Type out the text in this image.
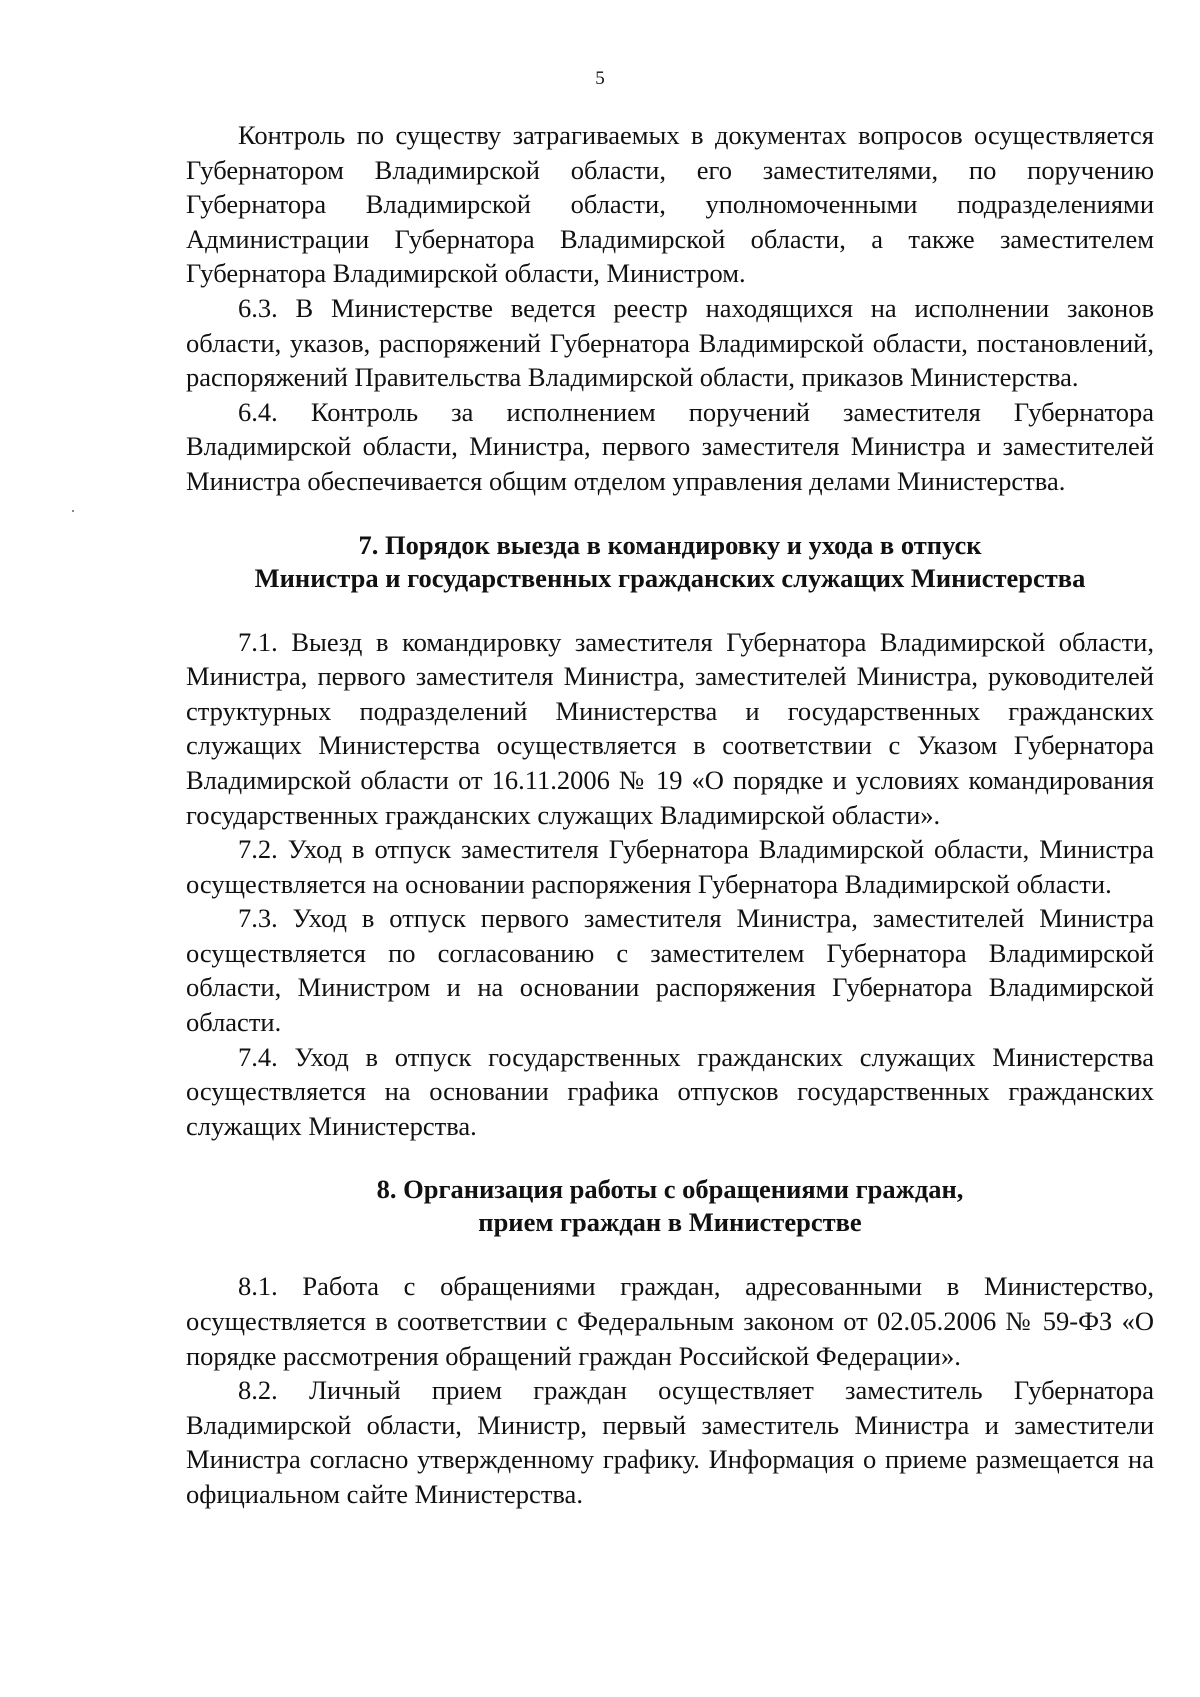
5

Контроль по существу затрагиваемых в документах вопросов осуществляется Губернатором Владимирской области, его заместителями, по поручению Губернатора Владимирской области, уполномоченными подразделениями Администрации Губернатора Владимирской области, а также заместителем Губернатора Владимирской области, Министром.

6.3. В Министерстве ведется реестр находящихся на исполнении законов области, указов, распоряжений Губернатора Владимирской области, постановлений, распоряжений Правительства Владимирской области, приказов Министерства.

6.4. Контроль за исполнением поручений заместителя Губернатора Владимирской области, Министра, первого заместителя Министра и заместителей Министра обеспечивается общим отделом управления делами Министерства.

7. Порядок выезда в командировку и ухода в отпуск

Министра и государственных гражданских служащих Министерства

7.1. Выезд в командировку заместителя Губернатора Владимирской области, Министра, первого заместителя Министра, заместителей Министра, руководителей структурных подразделений Министерства и государственных гражданских служащих Министерства осуществляется в соответствии с Указом Губернатора Владимирской области от 16.11.2006 № 19 «О порядке и условиях командирования государственных гражданских служащих Владимирской области».

7.2. Уход в отпуск заместителя Губернатора Владимирской области, Министра осуществляется на основании распоряжения Губернатора Владимирской области.

7.3. Уход в отпуск первого заместителя Министра, заместителей Министра осуществляется по согласованию с заместителем Губернатора Владимирской области, Министром и на основании распоряжения Губернатора Владимирской области.

7.4. Уход в отпуск государственных гражданских служащих Министерства осуществляется на основании графика отпусков государственных гражданских служащих Министерства.

8. Организация работы с обращениями граждан,

прием граждан в Министерстве

8.1. Работа с обращениями граждан, адресованными в Министерство, осуществляется в соответствии с Федеральным законом от 02.05.2006 № 59-ФЗ «О порядке рассмотрения обращений граждан Российской Федерации».

8.2. Личный прием граждан осуществляет заместитель Губернатора Владимирской области, Министр, первый заместитель Министра и заместители Министра согласно утвержденному графику. Информация о приеме размещается на официальном сайте Министерства.
